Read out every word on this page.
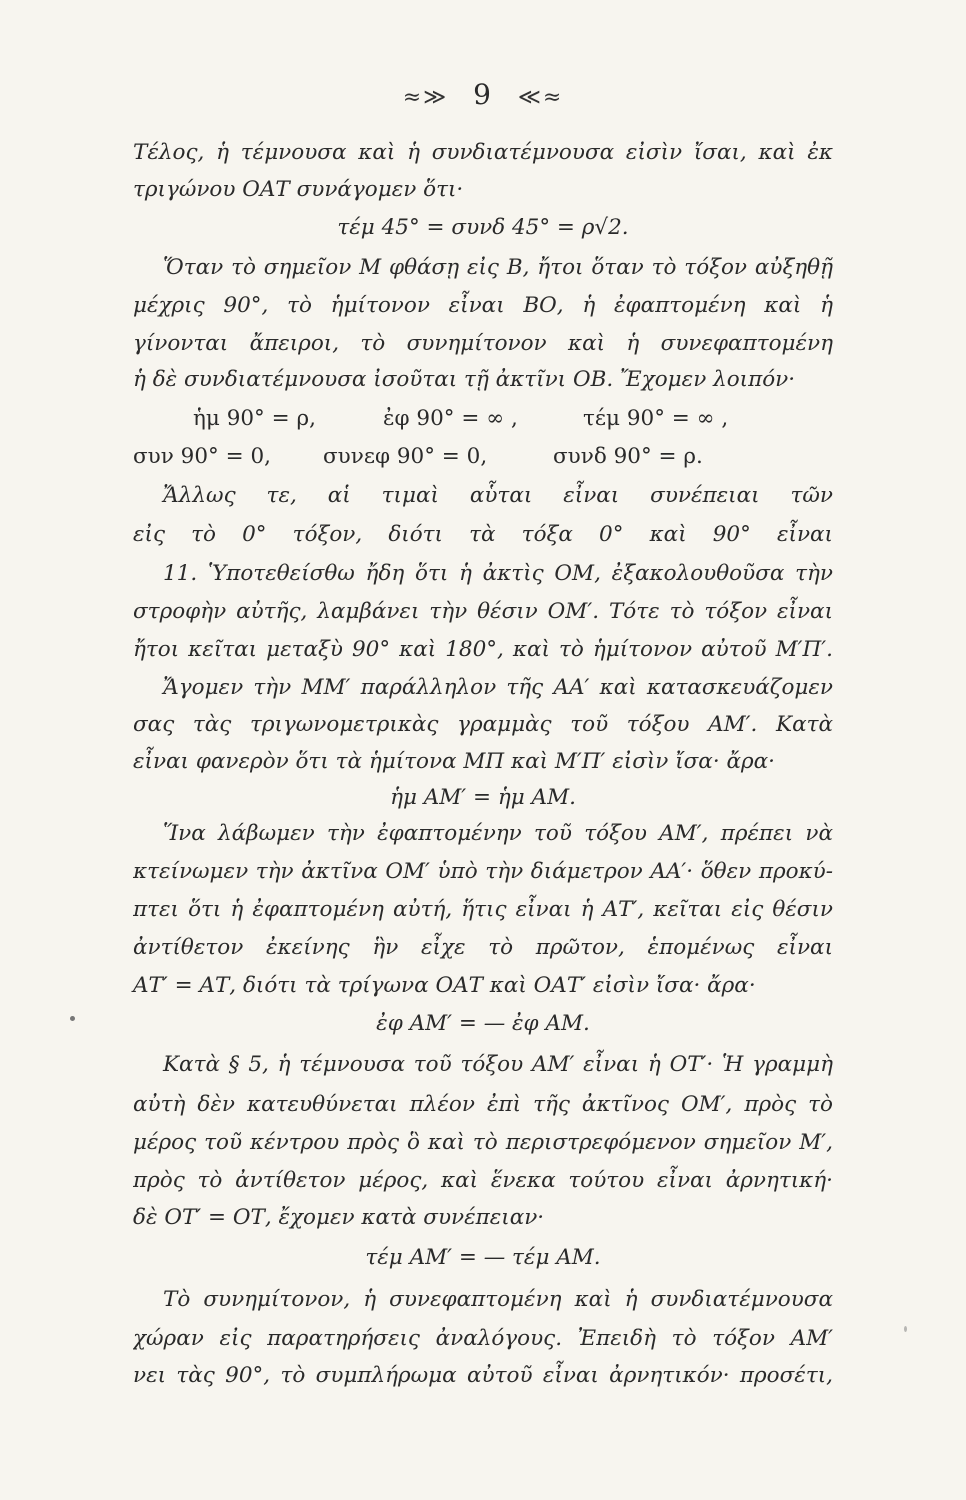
≈≫ 9 ≪≈
Τέλος, ἡ τέμνουσα καὶ ἡ συνδιατέμνουσα εἰσὶν ἴσαι, καὶ ἐκ
τριγώνου ΟΑΤ συνάγομεν ὅτι·
τέμ 45° = συνδ 45° = ρ√2.
Ὅταν τὸ σημεῖον Μ φθάσῃ εἰς Β, ἤτοι ὅταν τὸ τόξον αὐξηθῇ
μέχρις 90°, τὸ ἡμίτονον εἶναι ΒΟ, ἡ ἐφαπτομένη καὶ ἡ
γίνονται ἄπειροι, τὸ συνημίτονον καὶ ἡ συνεφαπτομένη
ἡ δὲ συνδιατέμνουσα ἰσοῦται τῇ ἀκτῖνι ΟΒ. Ἔχομεν λοιπόν·
ἡμ 90° = ρ,	ἐφ 90° = ∞ ,	τέμ 90° = ∞ ,
συν 90° = 0, συνεφ 90° = 0,	συνδ 90° = ρ.
Ἄλλως τε, αἱ τιμαὶ αὗται εἶναι συνέπειαι τῶν
εἰς τὸ 0° τόξον, διότι τὰ τόξα 0° καὶ 90° εἶναι
11. Ὑποτεθείσθω ἤδη ὅτι ἡ ἀκτὶς ΟΜ, ἐξακολουθοῦσα τὴν
στροφὴν αὐτῆς, λαμβάνει τὴν θέσιν ΟΜ′. Τότε τὸ τόξον εἶναι
ἤτοι κεῖται μεταξὺ 90° καὶ 180°, καὶ τὸ ἡμίτονον αὐτοῦ Μ′Π′.
Ἄγομεν τὴν ΜΜ′ παράλληλον τῆς ΑΑ′ καὶ κατασκευάζομεν
σας τὰς τριγωνομετρικὰς γραμμὰς τοῦ τόξου ΑΜ′. Κατὰ
εἶναι φανερὸν ὅτι τὰ ἡμίτονα ΜΠ καὶ Μ′Π′ εἰσὶν ἴσα· ἄρα·
ἡμ ΑΜ′ = ἡμ ΑΜ.
Ἵνα λάβωμεν τὴν ἐφαπτομένην τοῦ τόξου ΑΜ′, πρέπει νὰ
κτείνωμεν τὴν ἀκτῖνα ΟΜ′ ὑπὸ τὴν διάμετρον ΑΑ′· ὅθεν προκύ-
πτει ὅτι ἡ ἐφαπτομένη αὐτή, ἥτις εἶναι ἡ ΑΤ′, κεῖται εἰς θέσιν
ἀντίθετον ἐκείνης ἣν εἶχε τὸ πρῶτον, ἑπομένως εἶναι
ΑΤ′ = ΑΤ, διότι τὰ τρίγωνα ΟΑΤ καὶ ΟΑΤ′ εἰσὶν ἴσα· ἄρα·
ἐφ ΑΜ′ = — ἐφ ΑΜ.
Κατὰ § 5, ἡ τέμνουσα τοῦ τόξου ΑΜ′ εἶναι ἡ ΟΤ′· Ἡ γραμμὴ
αὐτὴ δὲν κατευθύνεται πλέον ἐπὶ τῆς ἀκτῖνος ΟΜ′, πρὸς τὸ
μέρος τοῦ κέντρου πρὸς ὃ καὶ τὸ περιστρεφόμενον σημεῖον Μ′,
πρὸς τὸ ἀντίθετον μέρος, καὶ ἕνεκα τούτου εἶναι ἀρνητική·
δὲ ΟΤ′ = ΟΤ, ἔχομεν κατὰ συνέπειαν·
τέμ ΑΜ′ = — τέμ ΑΜ.
Τὸ συνημίτονον, ἡ συνεφαπτομένη καὶ ἡ συνδιατέμνουσα
χώραν εἰς παρατηρήσεις ἀναλόγους. Ἐπειδὴ τὸ τόξον ΑΜ′
νει τὰς 90°, τὸ συμπλήρωμα αὐτοῦ εἶναι ἀρνητικόν· προσέτι,
